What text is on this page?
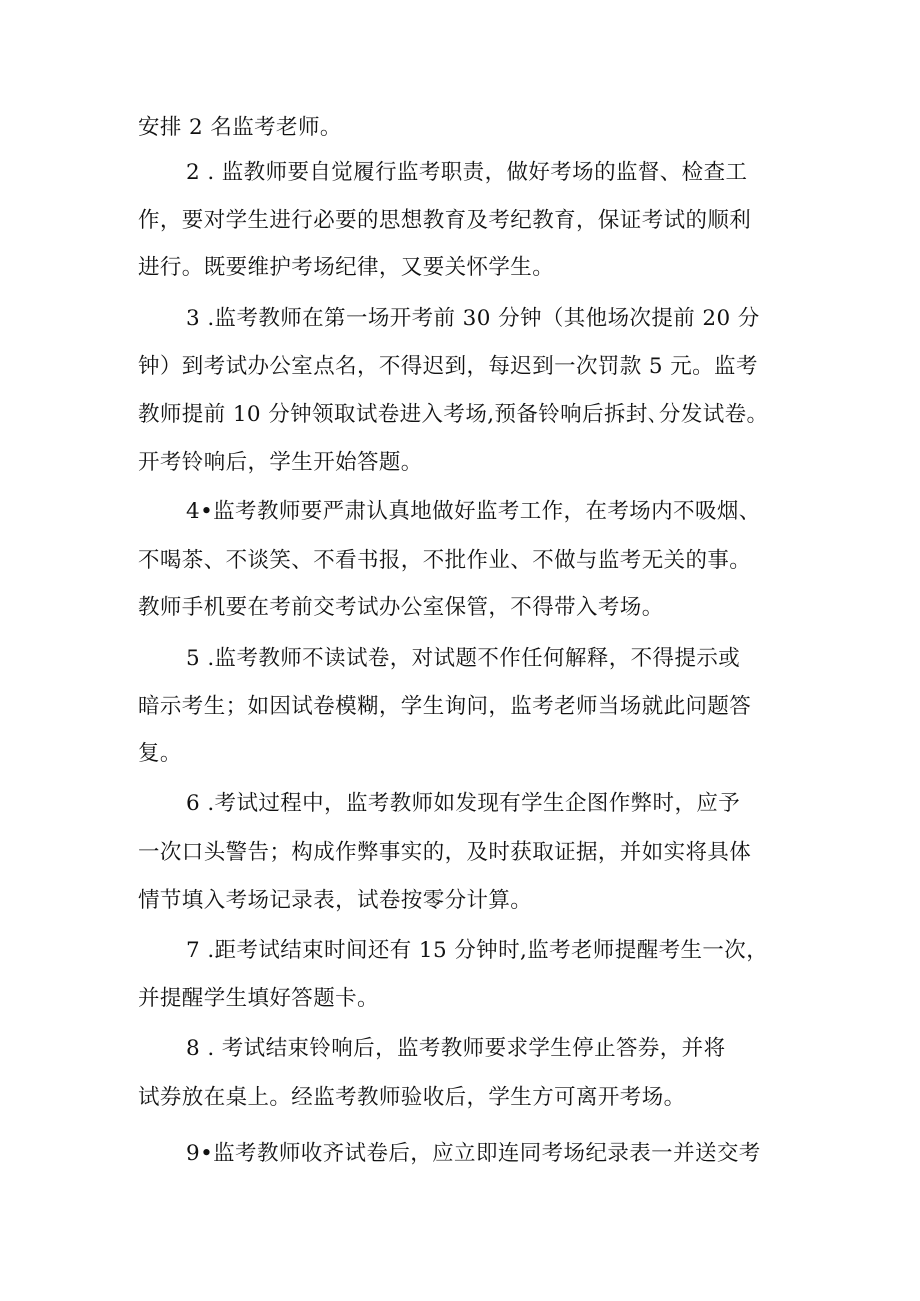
安排 2 名监考老师。
2 . 监教师要自觉履行监考职责，做好考场的监督、检查工
作，要对学生进行必要的思想教育及考纪教育，保证考试的顺利
进行。既要维护考场纪律，又要关怀学生。
3 .监考教师在第一场开考前 30 分钟（其他场次提前 20 分
钟）到考试办公室点名，不得迟到，每迟到一次罚款 5 元。监考
教师提前 10 分钟领取试卷进入考场,预备铃响后拆封､分发试卷。
开考铃响后，学生开始答题。
4•监考教师要严肃认真地做好监考工作，在考场内不吸烟、
不喝茶、不谈笑、不看书报，不批作业、不做与监考无关的事。
教师手机要在考前交考试办公室保管，不得带入考场。
5 .监考教师不读试卷，对试题不作任何解释，不得提示或
暗示考生；如因试卷模糊，学生询问，监考老师当场就此问题答
复。
6 .考试过程中，监考教师如发现有学生企图作弊时，应予
一次口头警告；构成作弊事实的，及时获取证据，并如实将具体
情节填入考场记录表，试卷按零分计算。
7 .距考试结束时间还有 15 分钟时,监考老师提醒考生一次，
并提醒学生填好答题卡。
8 . 考试结束铃响后，监考教师要求学生停止答券，并将
试券放在桌上。经监考教师验收后，学生方可离开考场。
9•监考教师收齐试卷后，应立即连同考场纪录表一并送交考
